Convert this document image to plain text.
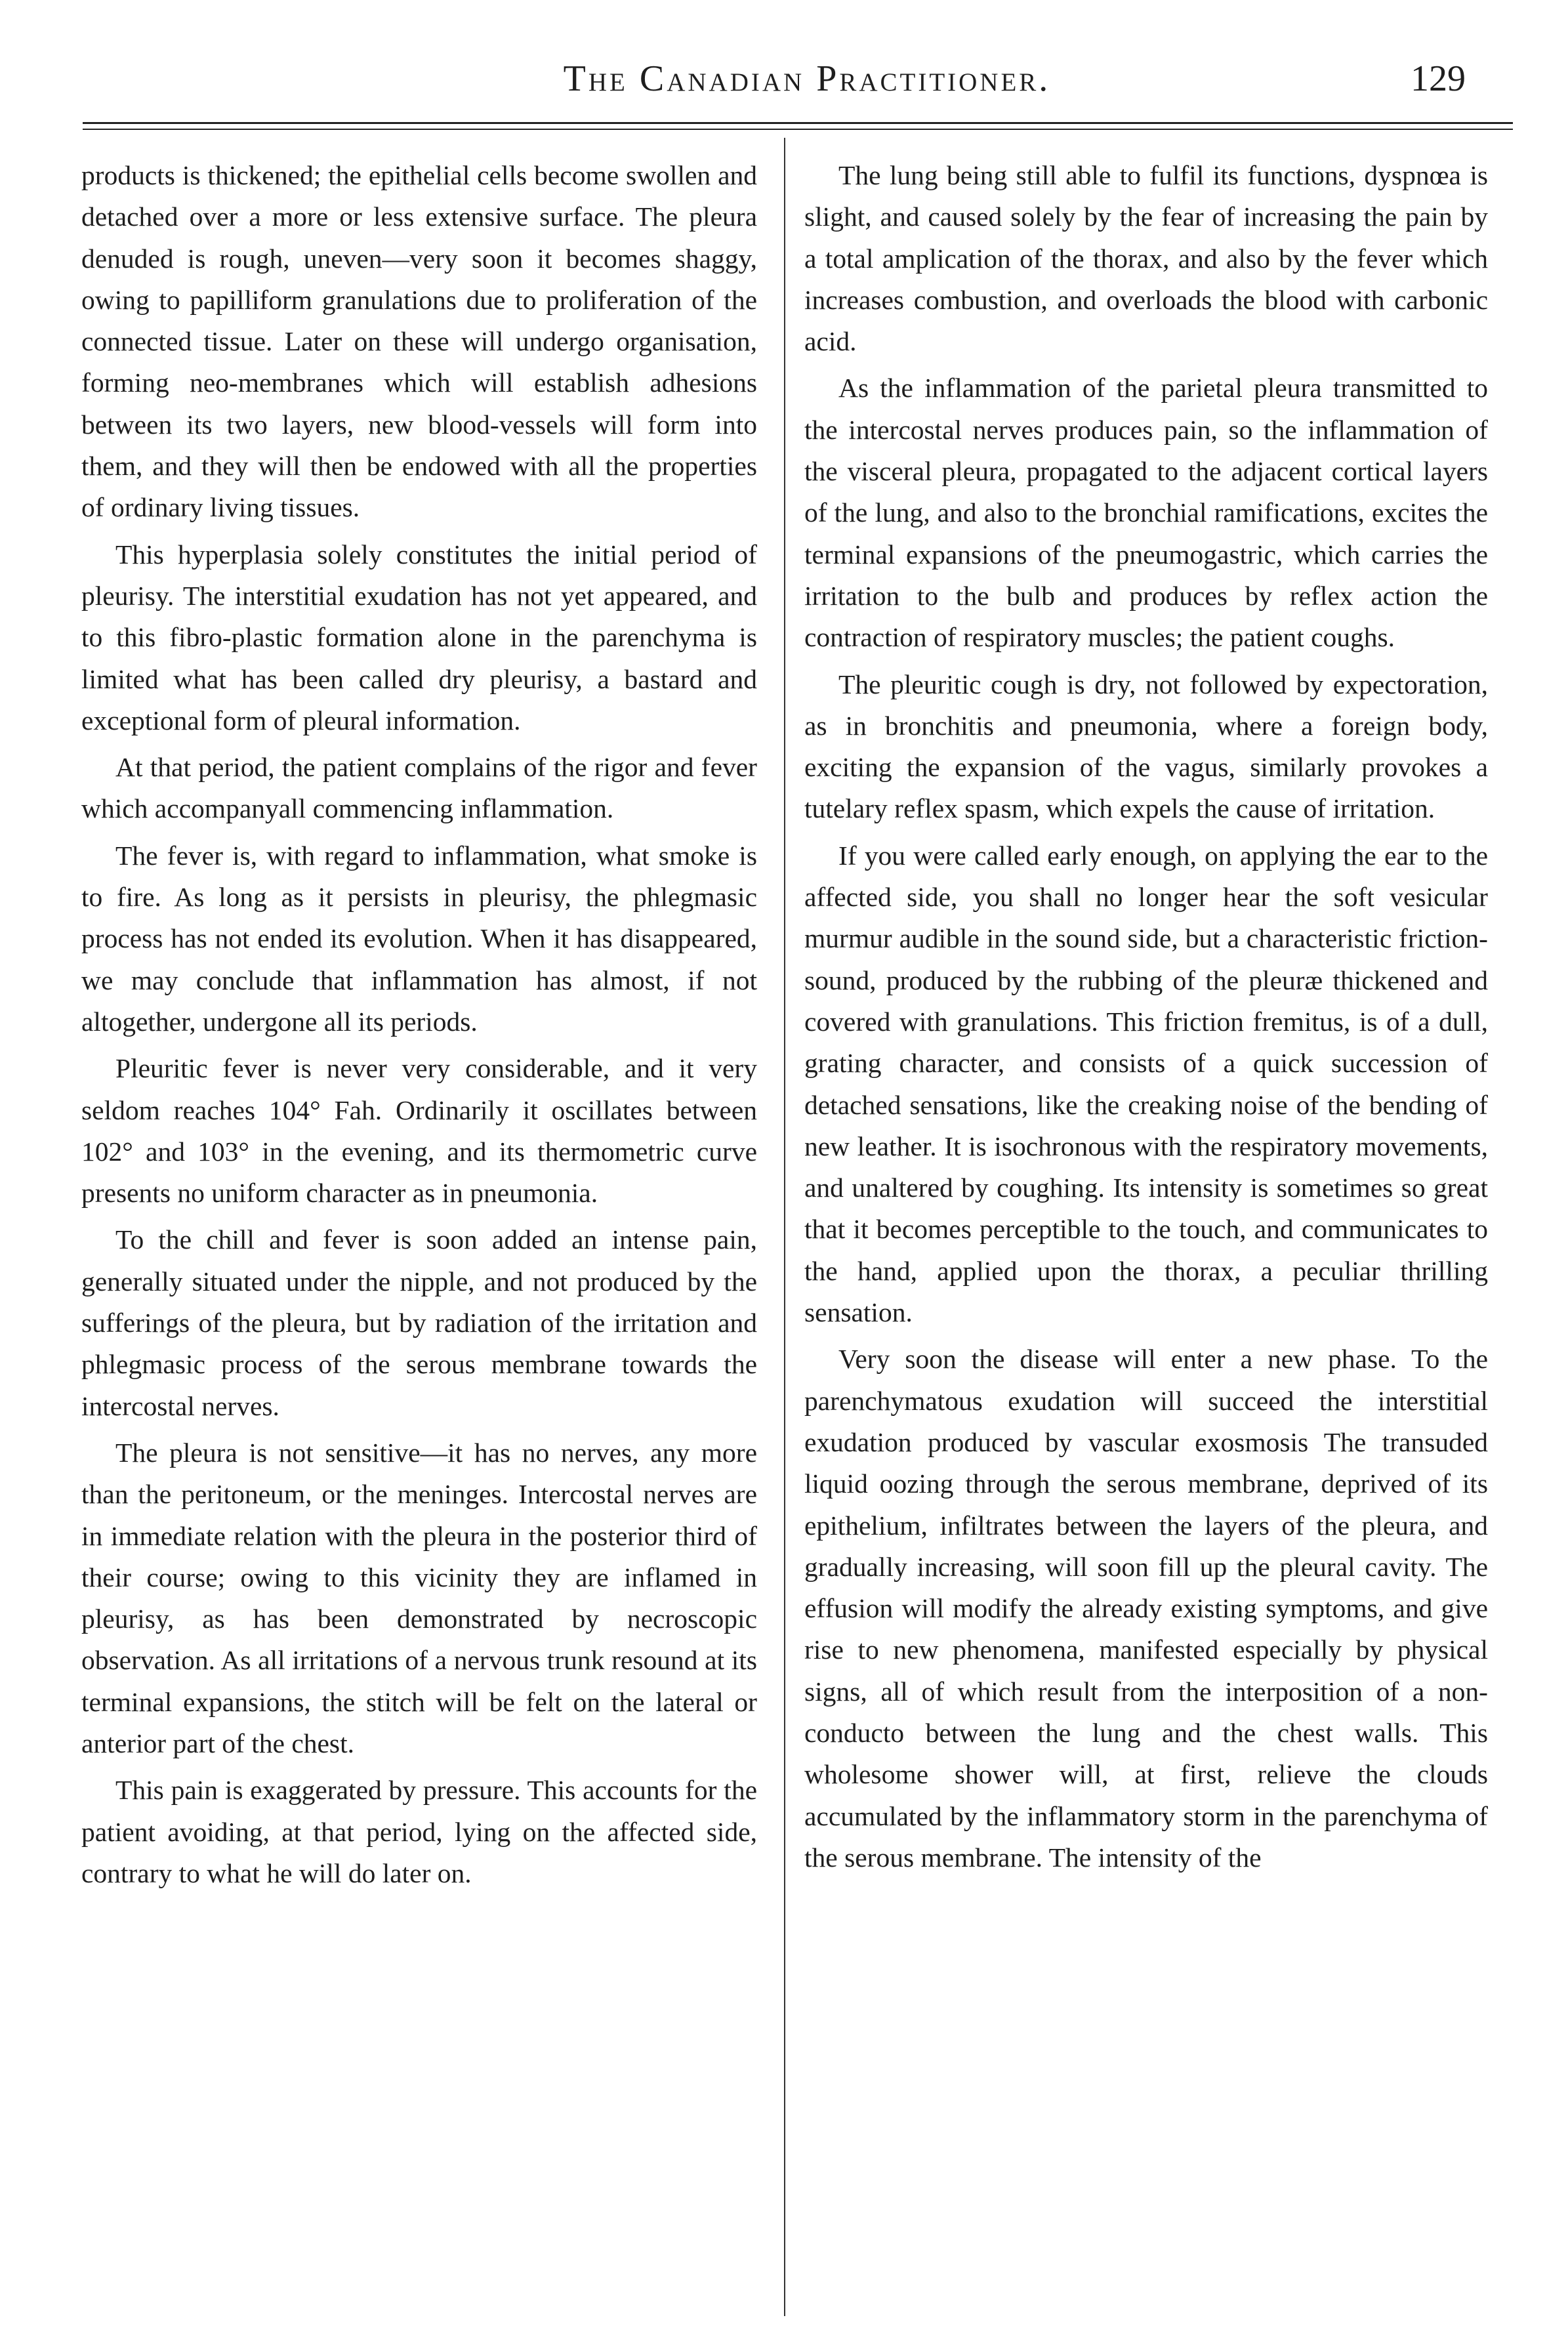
The Canadian Practitioner.	129

products is thickened; the epithelial cells become swollen and detached over a more or less extensive surface. The pleura denuded is rough, uneven—very soon it becomes shaggy, owing to papilliform granulations due to proliferation of the connected tissue. Later on these will undergo organisation, forming neo-membranes which will establish adhesions between its two layers, new blood-vessels will form into them, and they will then be endowed with all the properties of ordinary living tissues.

This hyperplasia solely constitutes the initial period of pleurisy. The interstitial exudation has not yet appeared, and to this fibro-plastic formation alone in the parenchyma is limited what has been called dry pleurisy, a bastard and exceptional form of pleural information.

At that period, the patient complains of the rigor and fever which accompanyall commencing inflammation.

The fever is, with regard to inflammation, what smoke is to fire. As long as it persists in pleurisy, the phlegmasic process has not ended its evolution. When it has disappeared, we may conclude that inflammation has almost, if not altogether, undergone all its periods.

Pleuritic fever is never very considerable, and it very seldom reaches 104° Fah. Ordinarily it oscillates between 102° and 103° in the evening, and its thermometric curve presents no uniform character as in pneumonia.

To the chill and fever is soon added an intense pain, generally situated under the nipple, and not produced by the sufferings of the pleura, but by radiation of the irritation and phlegmasic process of the serous membrane towards the intercostal nerves.

The pleura is not sensitive—it has no nerves, any more than the peritoneum, or the meninges. Intercostal nerves are in immediate relation with the pleura in the posterior third of their course; owing to this vicinity they are inflamed in pleurisy, as has been demonstrated by necroscopic observation. As all irritations of a nervous trunk resound at its terminal expansions, the stitch will be felt on the lateral or anterior part of the chest.

This pain is exaggerated by pressure. This accounts for the patient avoiding, at that period, lying on the affected side, contrary to what he will do later on.

The lung being still able to fulfil its functions, dyspnœa is slight, and caused solely by the fear of increasing the pain by a total amplication of the thorax, and also by the fever which increases combustion, and overloads the blood with carbonic acid.

As the inflammation of the parietal pleura transmitted to the intercostal nerves produces pain, so the inflammation of the visceral pleura, propagated to the adjacent cortical layers of the lung, and also to the bronchial ramifications, excites the terminal expansions of the pneumogastric, which carries the irritation to the bulb and produces by reflex action the contraction of respiratory muscles; the patient coughs.

The pleuritic cough is dry, not followed by expectoration, as in bronchitis and pneumonia, where a foreign body, exciting the expansion of the vagus, similarly provokes a tutelary reflex spasm, which expels the cause of irritation.

If you were called early enough, on applying the ear to the affected side, you shall no longer hear the soft vesicular murmur audible in the sound side, but a characteristic friction-sound, produced by the rubbing of the pleuræ thickened and covered with granulations. This friction fremitus, is of a dull, grating character, and consists of a quick succession of detached sensations, like the creaking noise of the bending of new leather. It is isochronous with the respiratory movements, and unaltered by coughing. Its intensity is sometimes so great that it becomes perceptible to the touch, and communicates to the hand, applied upon the thorax, a peculiar thrilling sensation.

Very soon the disease will enter a new phase. To the parenchymatous exudation will succeed the interstitial exudation produced by vascular exosmosis The transuded liquid oozing through the serous membrane, deprived of its epithelium, infiltrates between the layers of the pleura, and gradually increasing, will soon fill up the pleural cavity. The effusion will modify the already existing symptoms, and give rise to new phenomena, manifested especially by physical signs, all of which result from the interposition of a non-conducto between the lung and the chest walls. This wholesome shower will, at first, relieve the clouds accumulated by the inflammatory storm in the parenchyma of the serous membrane. The intensity of the
